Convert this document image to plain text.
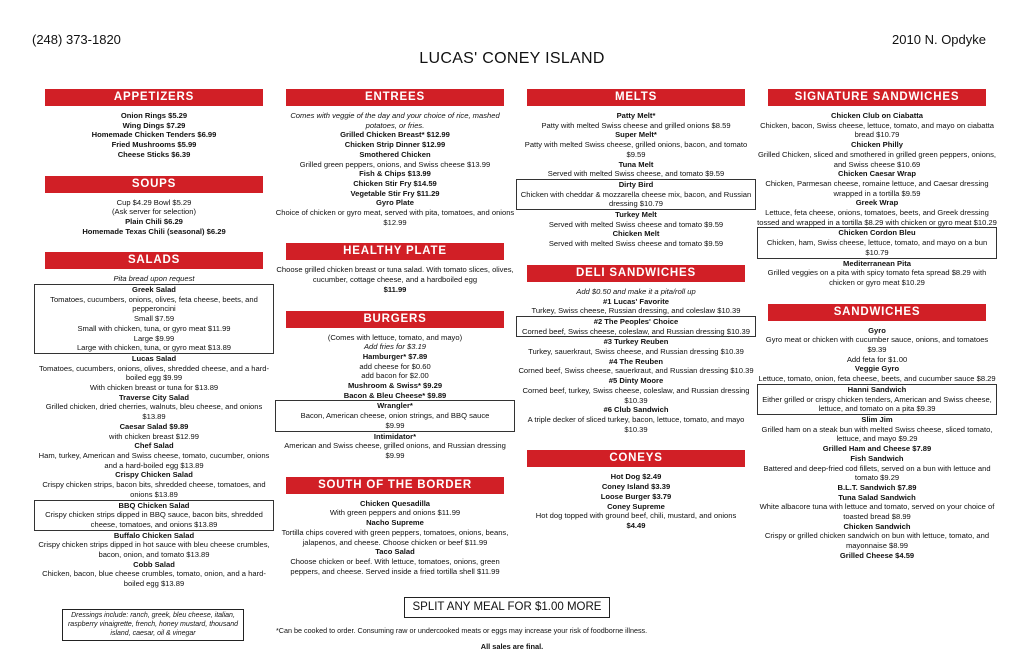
(248) 373-1820	2010 N. Opdyke
LUCAS' CONEY ISLAND
APPETIZERS
Onion Rings $5.29
Wing Dings $7.29
Homemade Chicken Tenders $6.99
Fried Mushrooms $5.99
Cheese Sticks $6.39
SOUPS
Cup $4.29 Bowl $5.29
(Ask server for selection)
Plain Chili $6.29
Homemade Texas Chili (seasonal) $6.29
SALADS
Pita bread upon request
Greek Salad
Tomatoes, cucumbers, onions, olives, feta cheese, beets, and pepperoncini
Small $7.59
Small with chicken, tuna, or gyro meat $11.99
Large $9.99
Large with chicken, tuna, or gyro meat $13.89
Lucas Salad
Tomatoes, cucumbers, onions, olives, shredded cheese, and a hard-boiled egg $9.99
With chicken breast or tuna for $13.89
Traverse City Salad
Grilled chicken, dried cherries, walnuts, bleu cheese, and onions $13.89
Caesar Salad $9.89
with chicken breast $12.99
Chef Salad
Ham, turkey, American and Swiss cheese, tomato, cucumber, onions and a hard-boiled egg $13.89
Crispy Chicken Salad
Crispy chicken strips, bacon bits, shredded cheese, tomatoes, and onions $13.89
BBQ Chicken Salad
Crispy chicken strips dipped in BBQ sauce, bacon bits, shredded cheese, tomatoes, and onions $13.89
Buffalo Chicken Salad
Crispy chicken strips dipped in hot sauce with bleu cheese crumbles, bacon, onion, and tomato $13.89
Cobb Salad
Chicken, bacon, blue cheese crumbles, tomato, onion, and a hard-boiled egg $13.89
ENTREES
Comes with veggie of the day and your choice of rice, mashed potatoes, or fries.
Grilled Chicken Breast* $12.99
Chicken Strip Dinner $12.99
Smothered Chicken
Grilled green peppers, onions, and Swiss cheese $13.99
Fish & Chips $13.99
Chicken Stir Fry $14.59
Vegetable Stir Fry $11.29
Gyro Plate
Choice of chicken or gyro meat, served with pita, tomatoes, and onions $12.99
HEALTHY PLATE
Choose grilled chicken breast or tuna salad. With tomato slices, olives, cucumber, cottage cheese, and a hardboiled egg
$11.99
BURGERS
(Comes with lettuce, tomato, and mayo)
Add fries for $3.19
Hamburger* $7.89
add cheese for $0.60
add bacon for $2.00
Mushroom & Swiss* $9.29
Bacon & Bleu Cheese* $9.89
Wrangler*
Bacon, American cheese, onion strings, and BBQ sauce
$9.99
Intimidator*
American and Swiss cheese, grilled onions, and Russian dressing
$9.99
SOUTH OF THE BORDER
Chicken Quesadilla
With green peppers and onions $11.99
Nacho Supreme
Tortilla chips covered with green peppers, tomatoes, onions, beans, jalapenos, and cheese. Choose chicken or beef $11.99
Taco Salad
Choose chicken or beef. With lettuce, tomatoes, onions, green peppers, and cheese. Served inside a fried tortilla shell $11.99
MELTS
Patty Melt*
Patty with melted Swiss cheese and grilled onions $8.59
Super Melt*
Patty with melted Swiss cheese, grilled onions, bacon, and tomato $9.59
Tuna Melt
Served with melted Swiss cheese, and tomato $9.59
Dirty Bird
Chicken with cheddar & mozzarella cheese mix, bacon, and Russian dressing $10.79
Turkey Melt
Served with melted Swiss cheese and tomato $9.59
Chicken Melt
Served with melted Swiss cheese and tomato $9.59
DELI SANDWICHES
Add $0.50 and make it a pita/roll up
#1 Lucas' Favorite
Turkey, Swiss cheese, Russian dressing, and coleslaw $10.39
#2 The Peoples' Choice
Corned beef, Swiss cheese, coleslaw, and Russian dressing $10.39
#3 Turkey Reuben
Turkey, sauerkraut, Swiss cheese, and Russian dressing $10.39
#4 The Reuben
Corned beef, Swiss cheese, sauerkraut, and Russian dressing $10.39
#5 Dinty Moore
Corned beef, turkey, Swiss cheese, coleslaw, and Russian dressing $10.39
#6 Club Sandwich
A triple decker of sliced turkey, bacon, lettuce, tomato, and mayo $10.39
CONEYS
Hot Dog $2.49
Coney Island $3.39
Loose Burger $3.79
Coney Supreme
Hot dog topped with ground beef, chili, mustard, and onions
$4.49
SIGNATURE SANDWICHES
Chicken Club on Ciabatta
Chicken, bacon, Swiss cheese, lettuce, tomato, and mayo on ciabatta bread $10.79
Chicken Philly
Grilled Chicken, sliced and smothered in grilled green peppers, onions, and Swiss cheese $10.69
Chicken Caesar Wrap
Chicken, Parmesan cheese, romaine lettuce, and Caesar dressing wrapped in a tortilla $9.59
Greek Wrap
Lettuce, feta cheese, onions, tomatoes, beets, and Greek dressing tossed and wrapped in a tortilla $8.29 with chicken or gyro meat $10.29
Chicken Cordon Bleu
Chicken, ham, Swiss cheese, lettuce, tomato, and mayo on a bun $10.79
Mediterranean Pita
Grilled veggies on a pita with spicy tomato feta spread $8.29 with chicken or gyro meat $10.29
SANDWICHES
Gyro
Gyro meat or chicken with cucumber sauce, onions, and tomatoes $9.39
Add feta for $1.00
Veggie Gyro
Lettuce, tomato, onion, feta cheese, beets, and cucumber sauce $8.29
Hanni Sandwich
Either grilled or crispy chicken tenders, American and Swiss cheese, lettuce, and tomato on a pita $9.39
Slim Jim
Grilled ham on a steak bun with melted Swiss cheese, sliced tomato, lettuce, and mayo $9.29
Grilled Ham and Cheese $7.89
Fish Sandwich
Battered and deep-fried cod fillets, served on a bun with lettuce and tomato $9.29
B.L.T. Sandwich $7.89
Tuna Salad Sandwich
White albacore tuna with lettuce and tomato, served on your choice of toasted bread $8.99
Chicken Sandwich
Crispy or grilled chicken sandwich on bun with lettuce, tomato, and mayonnaise $8.99
Grilled Cheese $4.59
SPLIT ANY MEAL FOR $1.00 MORE
Dressings include: ranch, greek, bleu cheese, italian, raspberry vinaigrette, french, honey mustard, thousand island, caesar, oil & vinegar	*Can be cooked to order. Consuming raw or undercooked meats or eggs may increase your risk of foodborne illness.
All sales are final.
